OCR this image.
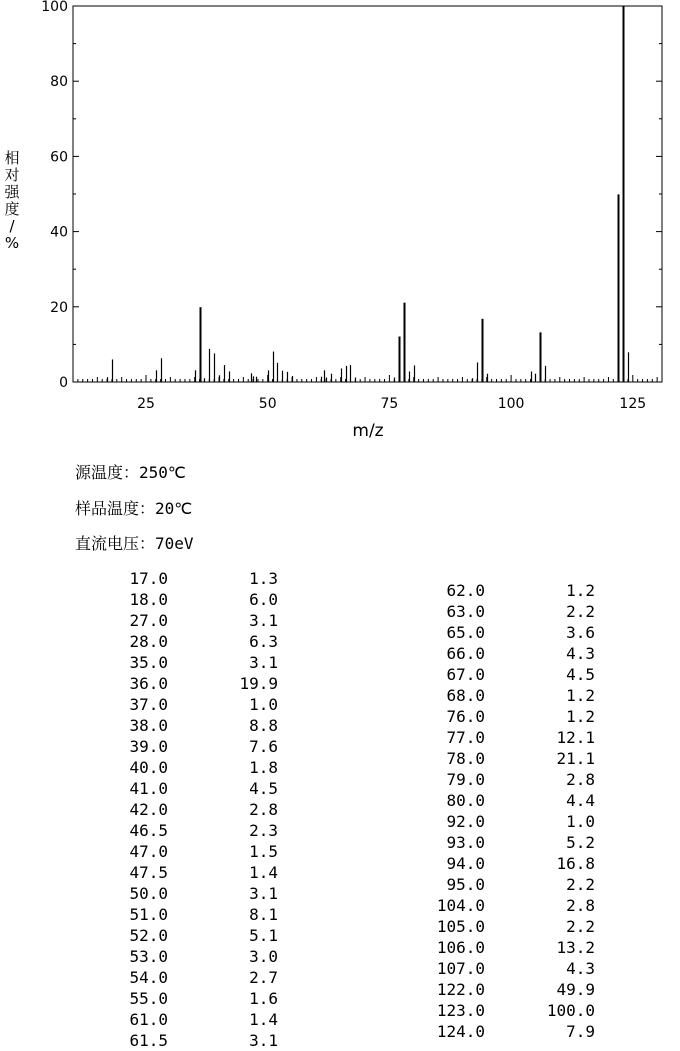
0
20
40
60
80
100
25	50	75	100	125
m/z
相
对
强
度
/
%
源温度：250℃
样品温度：20℃
直流电压：70eV
17.0	1.3
18.0	6.0
27.0	3.1
28.0	6.3
35.0	3.1
36.0	19.9
37.0	1.0
38.0	8.8
39.0	7.6
40.0	1.8
41.0	4.5
42.0	2.8
46.5	2.3
47.0	1.5
47.5	1.4
50.0	3.1
51.0	8.1
52.0	5.1
53.0	3.0
54.0	2.7
55.0	1.6
61.0	1.4
61.5	3.1
62.0	1.2
63.0	2.2
65.0	3.6
66.0	4.3
67.0	4.5
68.0	1.2
76.0	1.2
77.0	12.1
78.0	21.1
79.0	2.8
80.0	4.4
92.0	1.0
93.0	5.2
94.0	16.8
95.0	2.2
104.0	2.8
105.0	2.2
106.0	13.2
107.0	4.3
122.0	49.9
123.0	100.0
124.0	7.9
